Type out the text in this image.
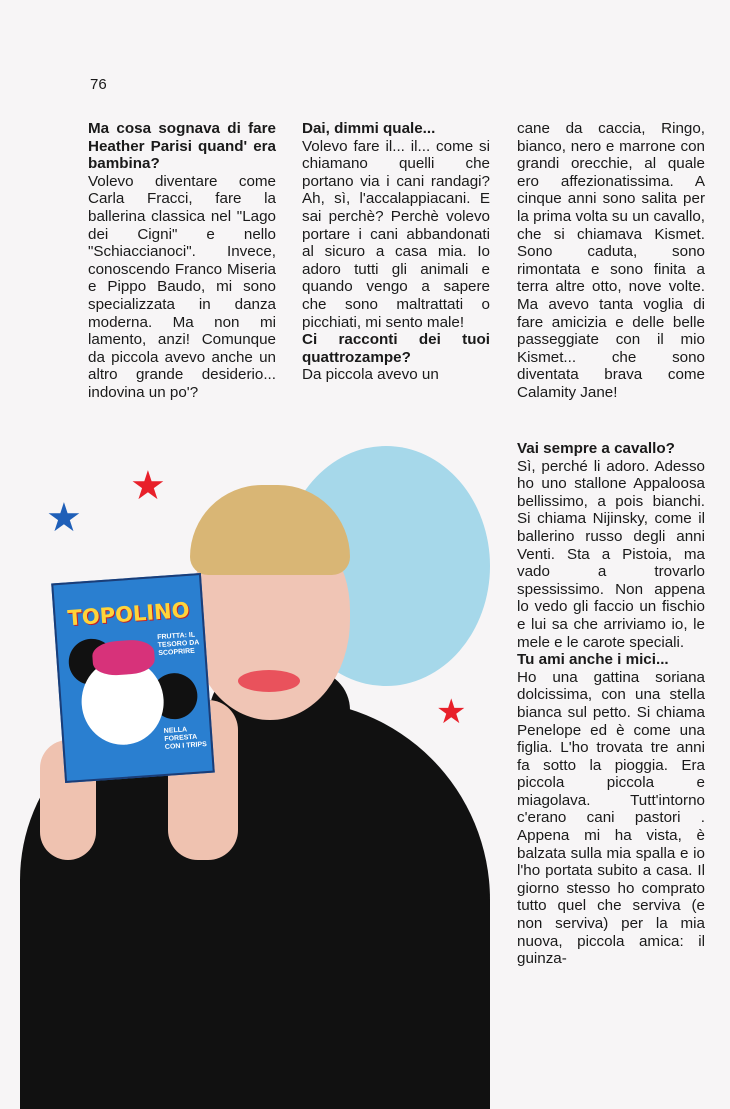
76

Ma cosa sognava di fare Heather Parisi quand' era bambina?

Volevo diventare come Carla Fracci, fare la ballerina classica nel "Lago dei Cigni" e nello "Schiaccianoci". Invece, conoscendo Franco Miseria e Pippo Baudo, mi sono specializzata in danza moderna. Ma non mi lamento, anzi! Comunque da piccola avevo anche un altro grande desiderio... indovina un po'?

Dai, dimmi quale...

Volevo fare il... il... come si chiamano quelli che portano via i cani randagi? Ah, sì, l'accalappiacani. E sai perchè? Perchè volevo portare i cani abbandonati al sicuro a casa mia. Io adoro tutti gli animali e quando vengo a sapere che sono maltrattati o picchiati, mi sento male!

Ci racconti dei tuoi quattrozampe?

Da piccola avevo un

cane da caccia, Ringo, bianco, nero e marrone con grandi orecchie, al quale ero affezionatissima. A cinque anni sono salita per la prima volta su un cavallo, che si chiamava Kismet. Sono caduta, sono rimontata e sono finita a terra altre otto, nove volte. Ma avevo tanta voglia di fare amicizia e delle belle passeggiate con il mio Kismet... che sono diventata brava come Calamity Jane!

Vai sempre a cavallo?

Sì, perché li adoro. Adesso ho uno stallone Appaloosa bellissimo, a pois bianchi. Si chiama Nijinsky, come il ballerino russo degli anni Venti. Sta a Pistoia, ma vado a trovarlo spessissimo. Non appena lo vedo gli faccio un fischio e lui sa che arriviamo io, le mele e le carote speciali.

Tu ami anche i mici...

Ho una gattina soriana dolcissima, con una stella bianca sul petto. Si chiama Penelope ed è come una figlia. L'ho trovata tre anni fa sotto la pioggia. Era piccola piccola e miagolava. Tutt'intorno c'erano cani pastori . Appena mi ha vista, è balzata sulla mia spalla e io l'ho portata subito a casa. Il giorno stesso ho comprato tutto quel che serviva (e non serviva) per la mia nuova, piccola amica: il guinza-

★
★
★
TOPOLINO
FRUTTA: IL TESORO DA SCOPRIRE
NELLA FORESTA CON I TRIPS
